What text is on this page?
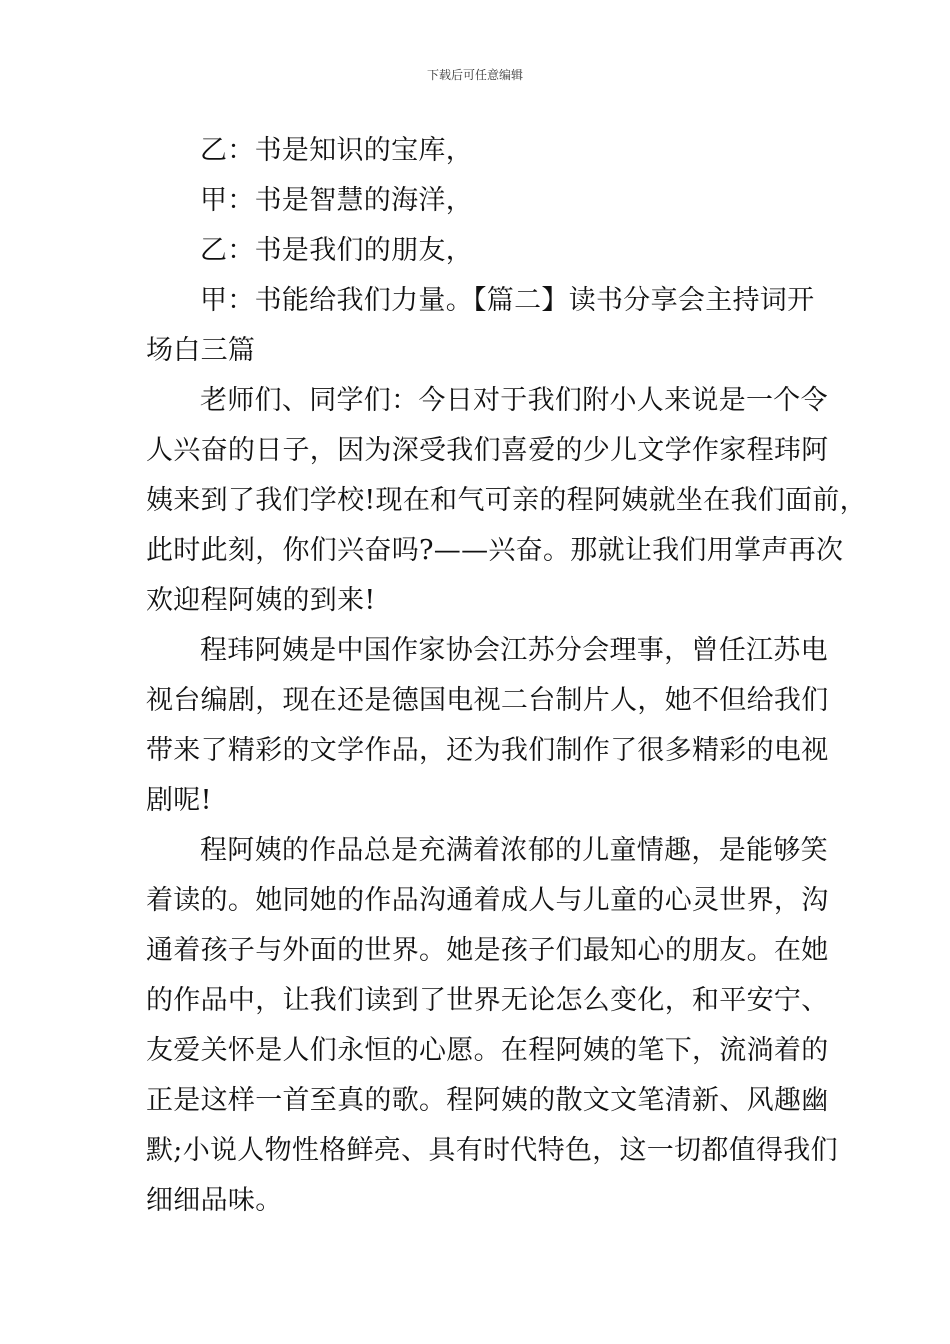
下载后可任意编辑
乙：书是知识的宝库，
甲：书是智慧的海洋，
乙：书是我们的朋友，
甲：书能给我们力量。【篇二】读书分享会主持词开
场白三篇
老师们、同学们：今日对于我们附小人来说是一个令
人兴奋的日子，因为深受我们喜爱的少儿文学作家程玮阿
姨来到了我们学校!现在和气可亲的程阿姨就坐在我们面前，
此时此刻，你们兴奋吗?——兴奋。那就让我们用掌声再次
欢迎程阿姨的到来!
程玮阿姨是中国作家协会江苏分会理事，曾任江苏电
视台编剧，现在还是德国电视二台制片人，她不但给我们
带来了精彩的文学作品，还为我们制作了很多精彩的电视
剧呢!
程阿姨的作品总是充满着浓郁的儿童情趣，是能够笑
着读的。她同她的作品沟通着成人与儿童的心灵世界，沟
通着孩子与外面的世界。她是孩子们最知心的朋友。在她
的作品中，让我们读到了世界无论怎么变化，和平安宁、
友爱关怀是人们永恒的心愿。在程阿姨的笔下，流淌着的
正是这样一首至真的歌。程阿姨的散文文笔清新、风趣幽
默;小说人物性格鲜亮、具有时代特色，这一切都值得我们
细细品味。
